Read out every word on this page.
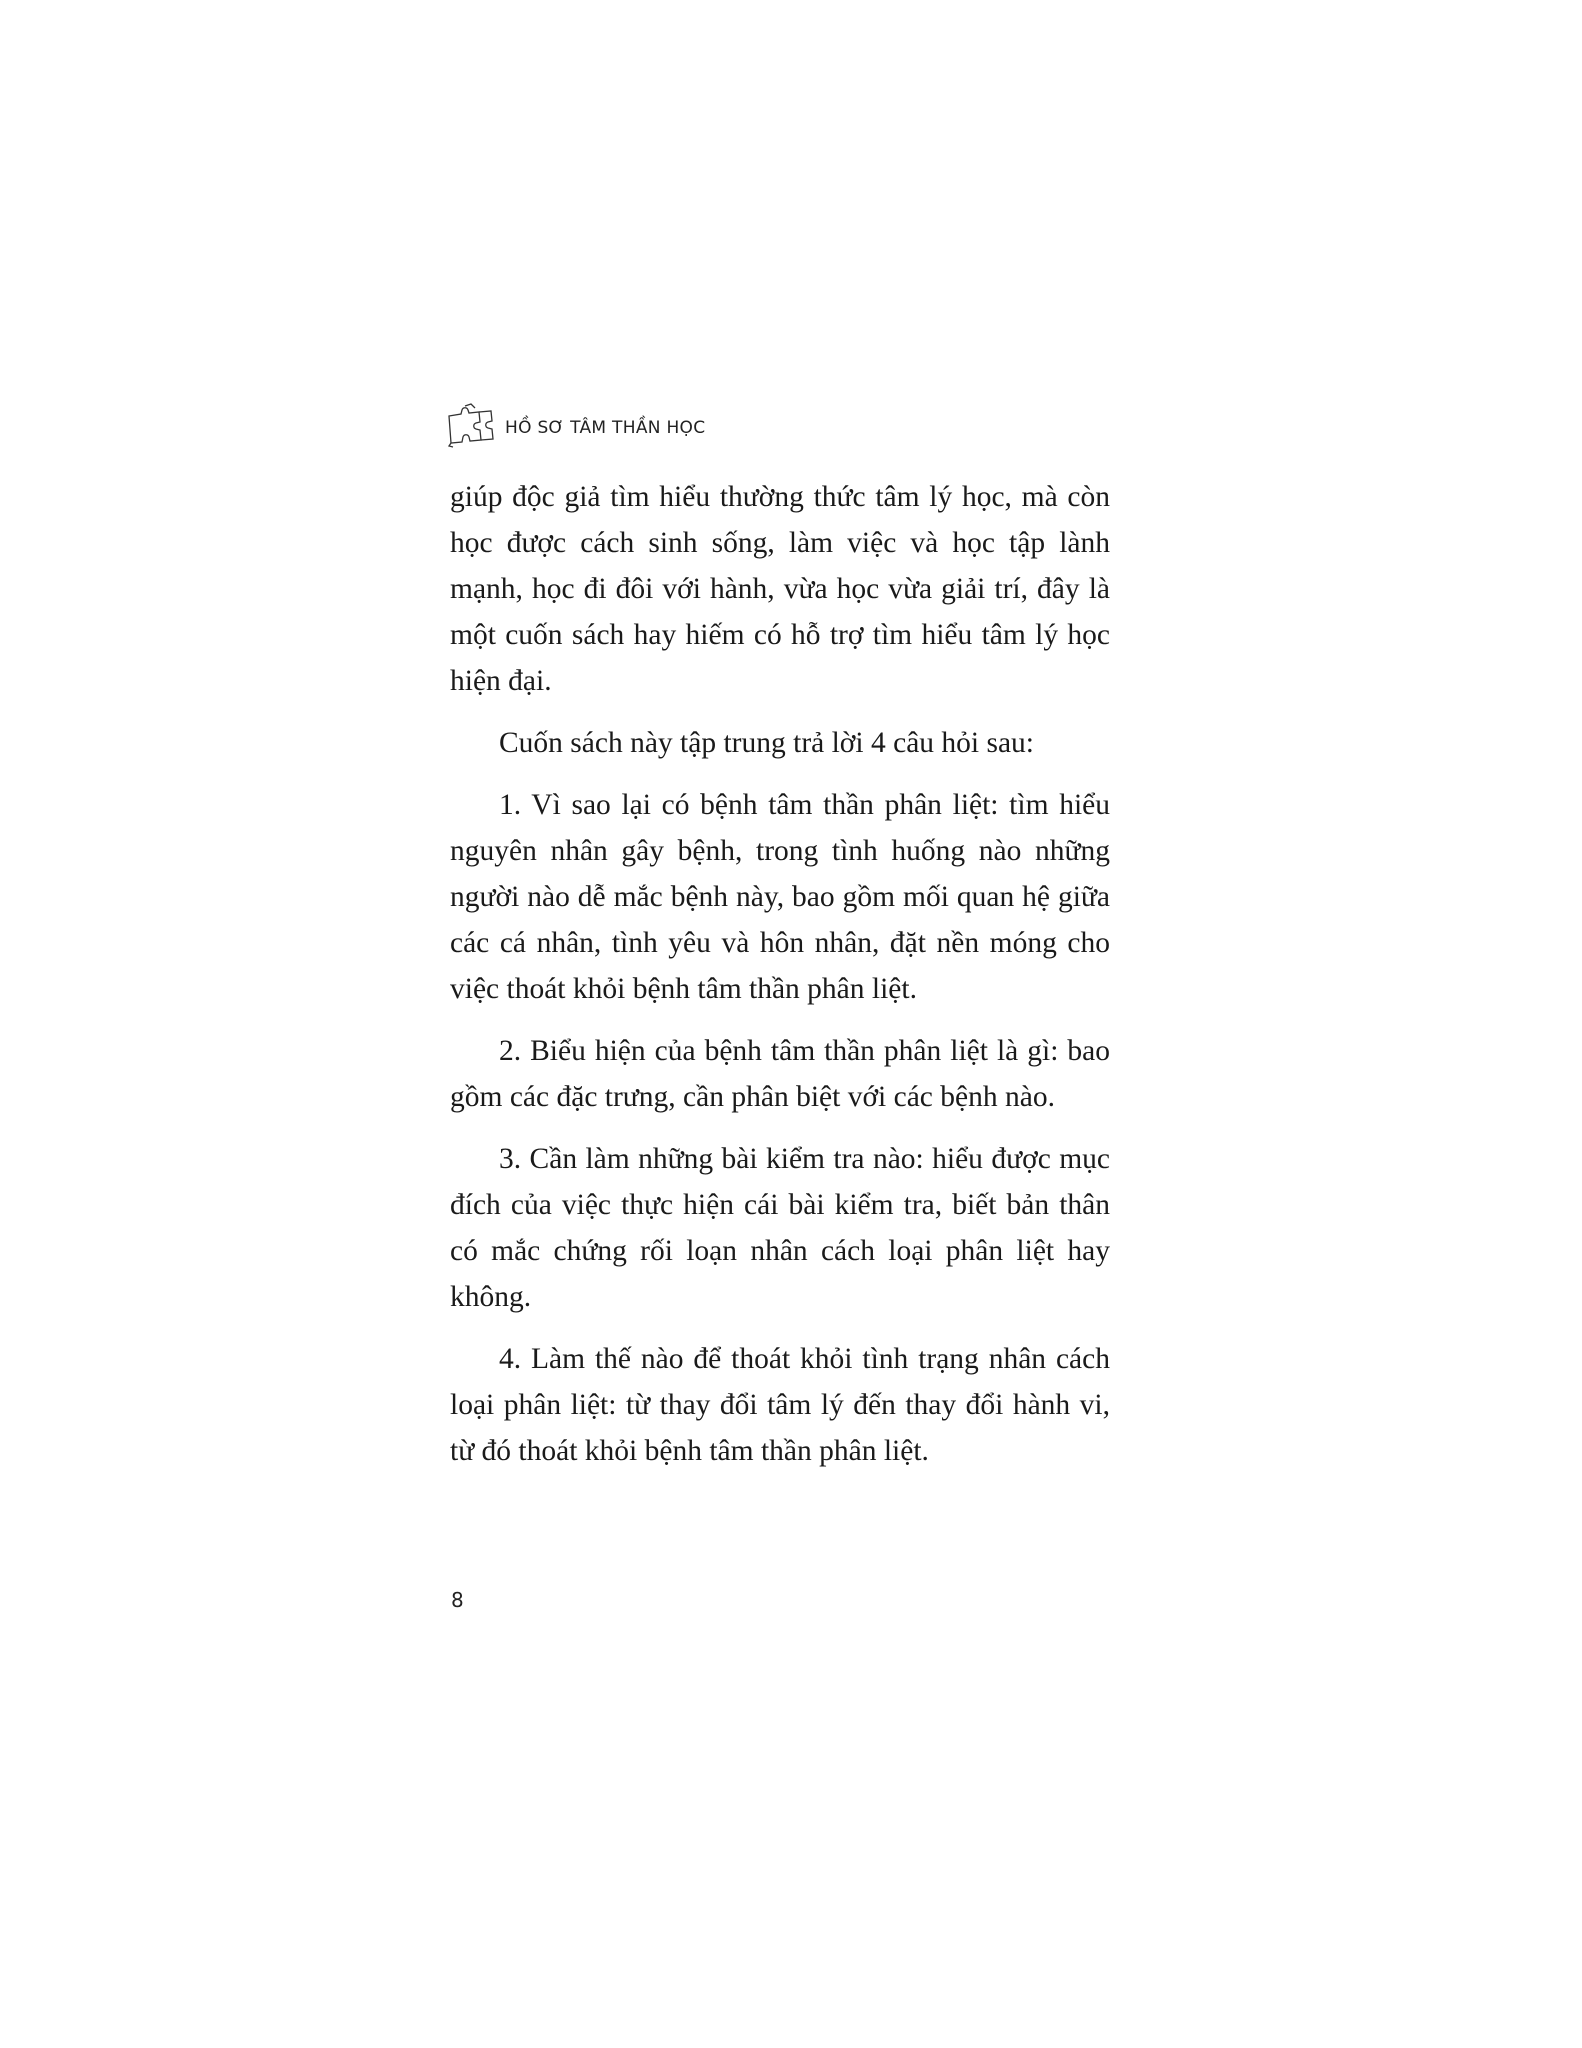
HỒ SƠ TÂM THẦN HỌC

giúp độc giả tìm hiểu thường thức tâm lý học, mà còn học được cách sinh sống, làm việc và học tập lành mạnh, học đi đôi với hành, vừa học vừa giải trí, đây là một cuốn sách hay hiếm có hỗ trợ tìm hiểu tâm lý học hiện đại.

Cuốn sách này tập trung trả lời 4 câu hỏi sau:

1. Vì sao lại có bệnh tâm thần phân liệt: tìm hiểu nguyên nhân gây bệnh, trong tình huống nào những người nào dễ mắc bệnh này, bao gồm mối quan hệ giữa các cá nhân, tình yêu và hôn nhân, đặt nền móng cho việc thoát khỏi bệnh tâm thần phân liệt.

2. Biểu hiện của bệnh tâm thần phân liệt là gì: bao gồm các đặc trưng, cần phân biệt với các bệnh nào.

3. Cần làm những bài kiểm tra nào: hiểu được mục đích của việc thực hiện cái bài kiểm tra, biết bản thân có mắc chứng rối loạn nhân cách loại phân liệt hay không.

4. Làm thế nào để thoát khỏi tình trạng nhân cách loại phân liệt: từ thay đổi tâm lý đến thay đổi hành vi, từ đó thoát khỏi bệnh tâm thần phân liệt.

8
